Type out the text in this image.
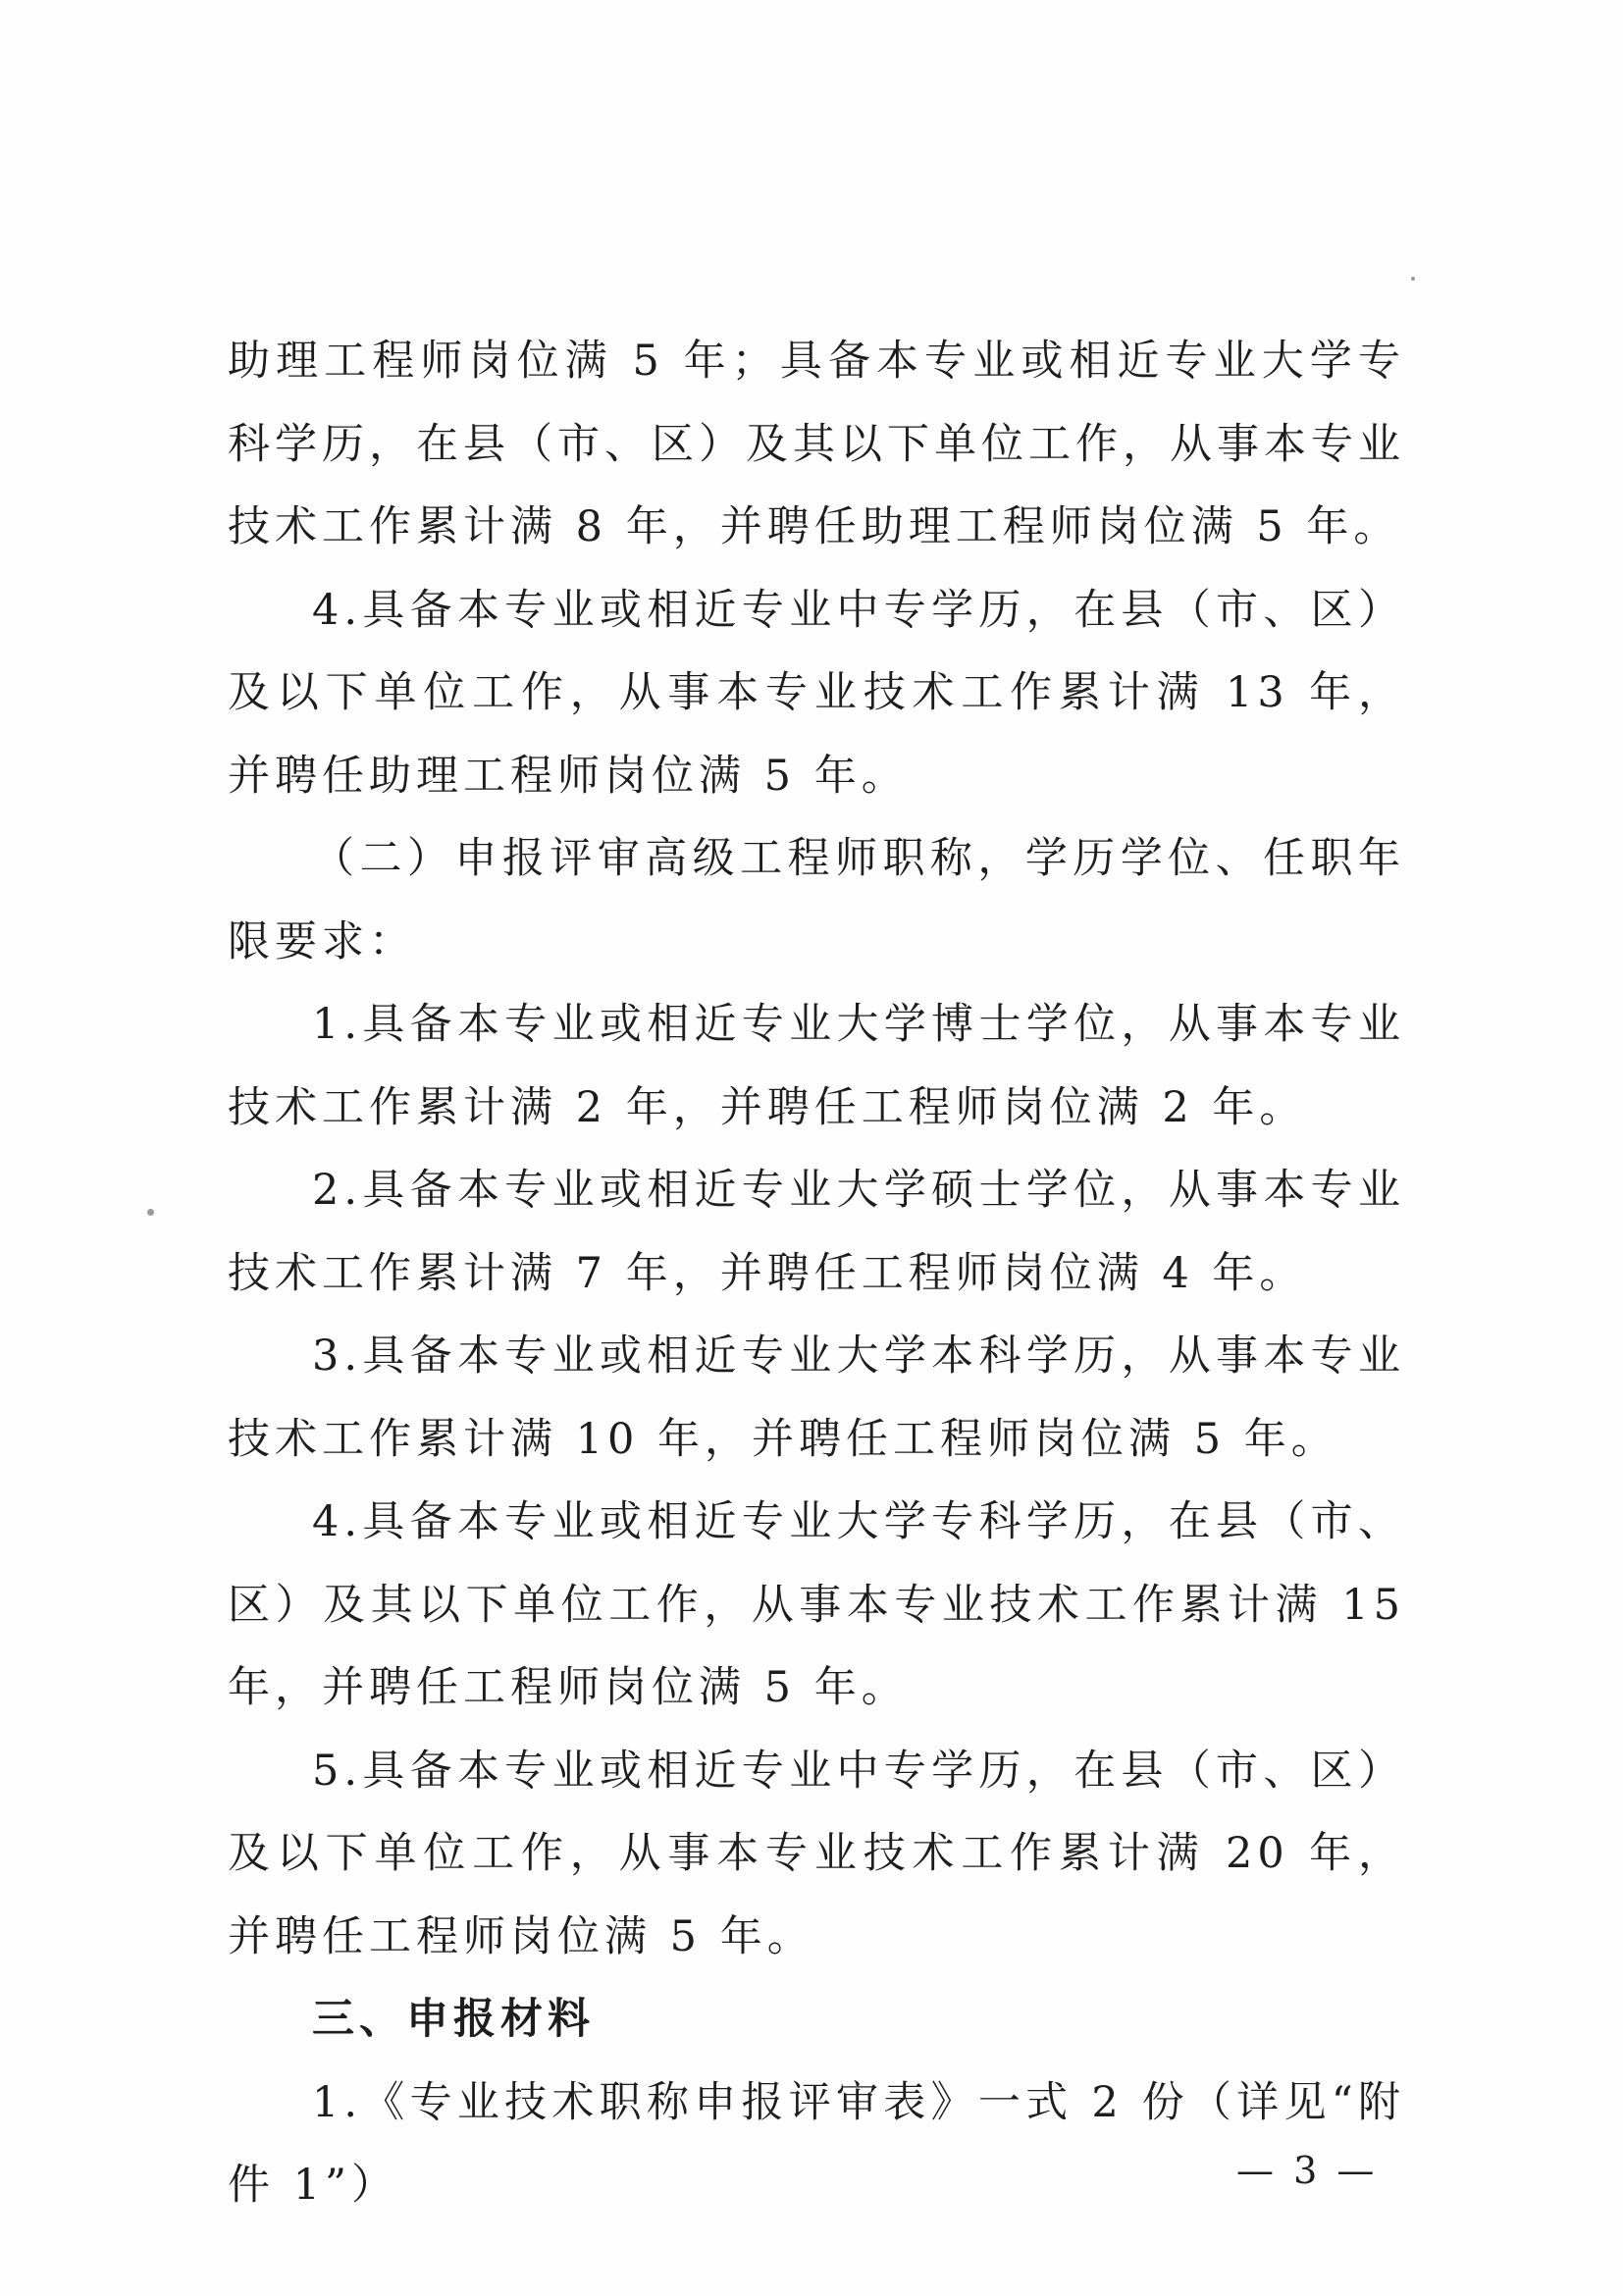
助理工程师岗位满 5 年；具备本专业或相近专业大学专科学历，在县（市、区）及其以下单位工作，从事本专业技术工作累计满 8 年，并聘任助理工程师岗位满 5 年。

4.具备本专业或相近专业中专学历，在县（市、区）及以下单位工作，从事本专业技术工作累计满 13 年，并聘任助理工程师岗位满 5 年。

（二）申报评审高级工程师职称，学历学位、任职年限要求：

1.具备本专业或相近专业大学博士学位，从事本专业技术工作累计满 2 年，并聘任工程师岗位满 2 年。

2.具备本专业或相近专业大学硕士学位，从事本专业技术工作累计满 7 年，并聘任工程师岗位满 4 年。

3.具备本专业或相近专业大学本科学历，从事本专业技术工作累计满 10 年，并聘任工程师岗位满 5 年。

4.具备本专业或相近专业大学专科学历，在县（市、区）及其以下单位工作，从事本专业技术工作累计满 15 年，并聘任工程师岗位满 5 年。

5.具备本专业或相近专业中专学历，在县（市、区）及以下单位工作，从事本专业技术工作累计满 20 年，并聘任工程师岗位满 5 年。

三、申报材料

1.《专业技术职称申报评审表》一式 2 份（详见“附件 1”）	— 3 —
